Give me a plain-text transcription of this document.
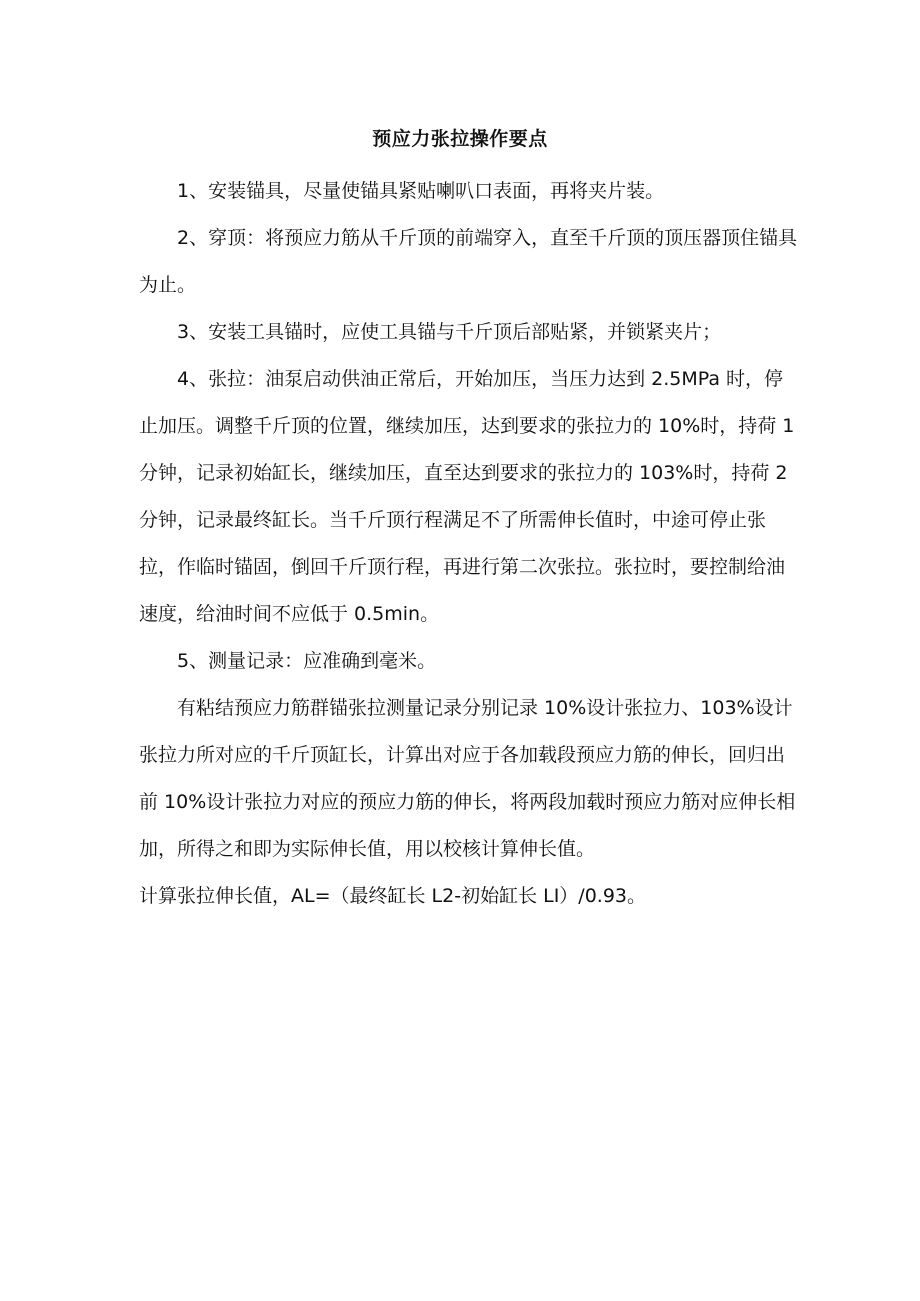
预应力张拉操作要点

1、安装锚具，尽量使锚具紧贴喇叭口表面，再将夹片装。

2、穿顶：将预应力筋从千斤顶的前端穿入，直至千斤顶的顶压器顶住锚具为止。

3、安装工具锚时，应使工具锚与千斤顶后部贴紧，并锁紧夹片；

4、张拉：油泵启动供油正常后，开始加压，当压力达到 2.5MPa 时，停止加压。调整千斤顶的位置，继续加压，达到要求的张拉力的 10%时，持荷 1 分钟，记录初始缸长，继续加压，直至达到要求的张拉力的 103%时，持荷 2 分钟，记录最终缸长。当千斤顶行程满足不了所需伸长值时，中途可停止张拉，作临时锚固，倒回千斤顶行程，再进行第二次张拉。张拉时，要控制给油速度，给油时间不应低于 0.5min。

5、测量记录：应准确到毫米。

有粘结预应力筋群锚张拉测量记录分别记录 10%设计张拉力、103%设计张拉力所对应的千斤顶缸长，计算出对应于各加载段预应力筋的伸长，回归出前 10%设计张拉力对应的预应力筋的伸长，将两段加载时预应力筋对应伸长相加，所得之和即为实际伸长值，用以校核计算伸长值。

计算张拉伸长值，AL=（最终缸长 L2-初始缸长 LI）/0.93。
